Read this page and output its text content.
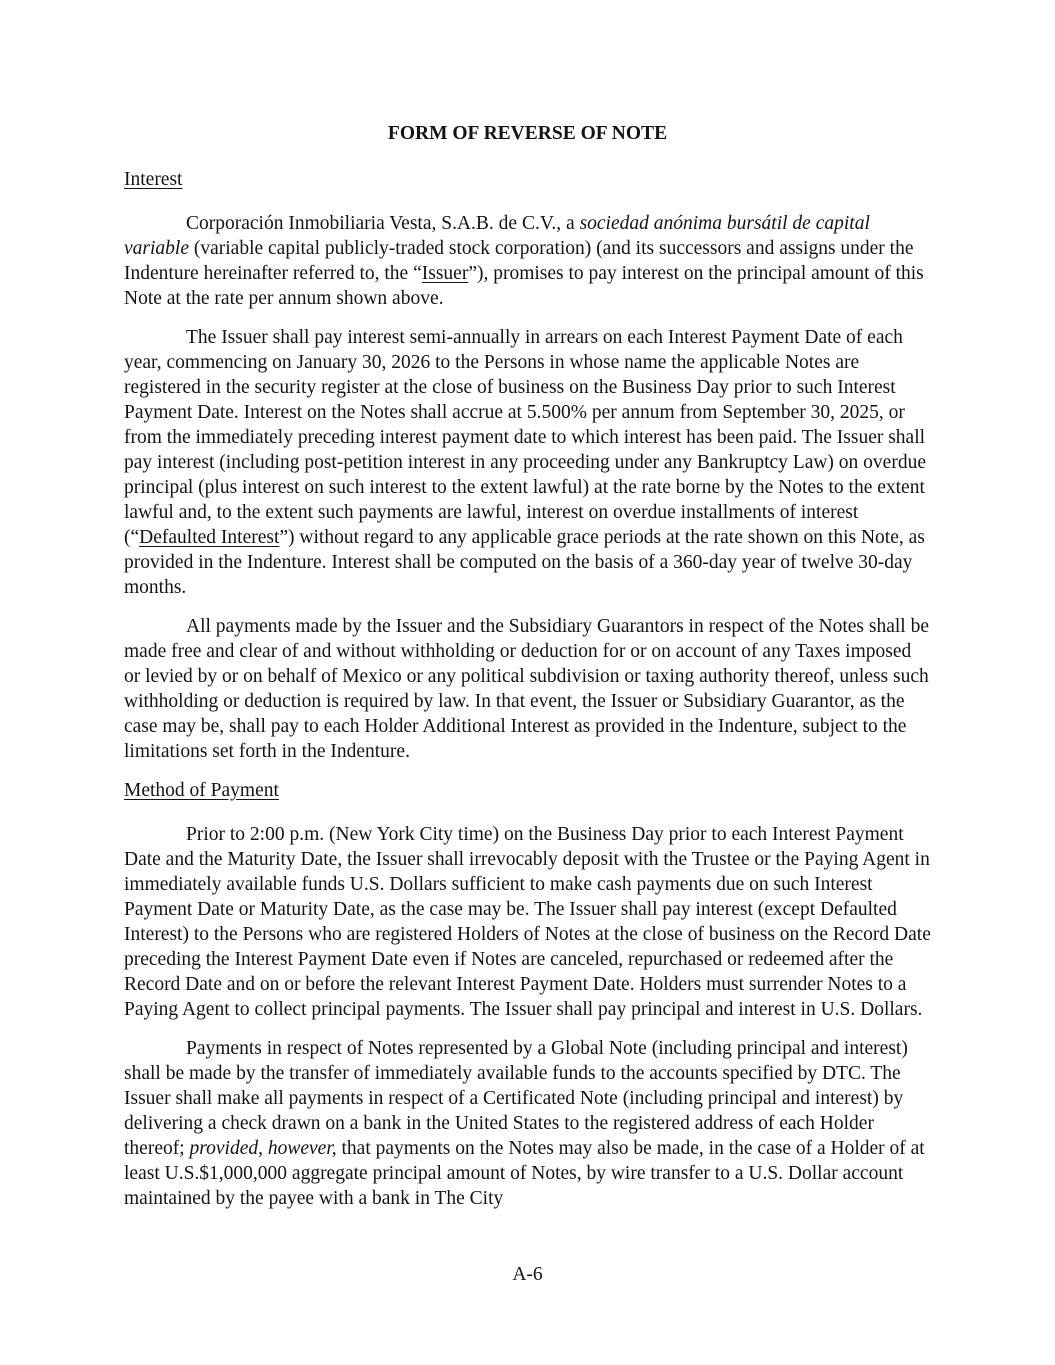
FORM OF REVERSE OF NOTE
Interest

Corporación Inmobiliaria Vesta, S.A.B. de C.V., a sociedad anónima bursátil de capital variable (variable capital publicly-traded stock corporation) (and its successors and assigns under the Indenture hereinafter referred to, the “Issuer”), promises to pay interest on the principal amount of this Note at the rate per annum shown above.

The Issuer shall pay interest semi-annually in arrears on each Interest Payment Date of each year, commencing on January 30, 2026 to the Persons in whose name the applicable Notes are registered in the security register at the close of business on the Business Day prior to such Interest Payment Date. Interest on the Notes shall accrue at 5.500% per annum from September 30, 2025, or from the immediately preceding interest payment date to which interest has been paid. The Issuer shall pay interest (including post-petition interest in any proceeding under any Bankruptcy Law) on overdue principal (plus interest on such interest to the extent lawful) at the rate borne by the Notes to the extent lawful and, to the extent such payments are lawful, interest on overdue installments of interest (“Defaulted Interest”) without regard to any applicable grace periods at the rate shown on this Note, as provided in the Indenture. Interest shall be computed on the basis of a 360-day year of twelve 30-day months.

All payments made by the Issuer and the Subsidiary Guarantors in respect of the Notes shall be made free and clear of and without withholding or deduction for or on account of any Taxes imposed or levied by or on behalf of Mexico or any political subdivision or taxing authority thereof, unless such withholding or deduction is required by law. In that event, the Issuer or Subsidiary Guarantor, as the case may be, shall pay to each Holder Additional Interest as provided in the Indenture, subject to the limitations set forth in the Indenture.

Method of Payment

Prior to 2:00 p.m. (New York City time) on the Business Day prior to each Interest Payment Date and the Maturity Date, the Issuer shall irrevocably deposit with the Trustee or the Paying Agent in immediately available funds U.S. Dollars sufficient to make cash payments due on such Interest Payment Date or Maturity Date, as the case may be. The Issuer shall pay interest (except Defaulted Interest) to the Persons who are registered Holders of Notes at the close of business on the Record Date preceding the Interest Payment Date even if Notes are canceled, repurchased or redeemed after the Record Date and on or before the relevant Interest Payment Date. Holders must surrender Notes to a Paying Agent to collect principal payments. The Issuer shall pay principal and interest in U.S. Dollars.

Payments in respect of Notes represented by a Global Note (including principal and interest) shall be made by the transfer of immediately available funds to the accounts specified by DTC. The Issuer shall make all payments in respect of a Certificated Note (including principal and interest) by delivering a check drawn on a bank in the United States to the registered address of each Holder thereof; provided, however, that payments on the Notes may also be made, in the case of a Holder of at least U.S.$1,000,000 aggregate principal amount of Notes, by wire transfer to a U.S. Dollar account maintained by the payee with a bank in The City

A-6
